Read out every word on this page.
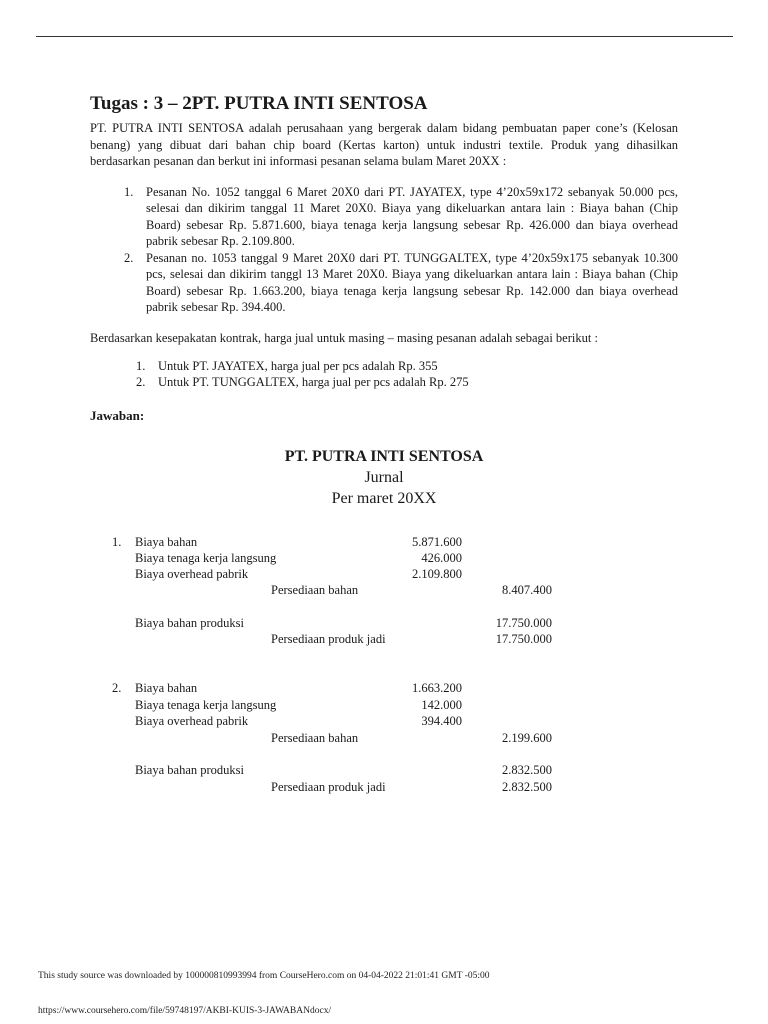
Tugas : 3 – 2PT. PUTRA INTI SENTOSA

PT. PUTRA INTI SENTOSA adalah perusahaan yang bergerak dalam bidang pembuatan paper cone’s (Kelosan benang) yang dibuat dari bahan chip board (Kertas karton) untuk industri textile. Produk yang dihasilkan berdasarkan pesanan dan berkut ini informasi pesanan selama bulam Maret 20XX :

1. Pesanan No. 1052 tanggal 6 Maret 20X0 dari PT. JAYATEX, type 4’20x59x172 sebanyak 50.000 pcs, selesai dan dikirim tanggal 11 Maret 20X0. Biaya yang dikeluarkan antara lain : Biaya bahan (Chip Board) sebesar Rp. 5.871.600, biaya tenaga kerja langsung sebesar Rp. 426.000 dan biaya overhead pabrik sebesar Rp. 2.109.800.
2. Pesanan no. 1053 tanggal 9 Maret 20X0 dari PT. TUNGGALTEX, type 4’20x59x175 sebanyak 10.300 pcs, selesai dan dikirim tanggl 13 Maret 20X0. Biaya yang dikeluarkan antara lain : Biaya bahan (Chip Board) sebesar Rp. 1.663.200, biaya tenaga kerja langsung sebesar Rp. 142.000 dan biaya overhead pabrik sebesar Rp. 394.400.

Berdasarkan kesepakatan kontrak, harga jual untuk masing – masing pesanan adalah sebagai berikut :

1. Untuk PT. JAYATEX, harga jual per pcs adalah Rp. 355
2. Untuk PT. TUNGGALTEX, harga jual per pcs adalah Rp. 275
Jawaban:
PT. PUTRA INTI SENTOSA
Jurnal
Per maret 20XX
1. Biaya bahan	5.871.600
Biaya tenaga kerja langsung	426.000
Biaya overhead pabrik	2.109.800
Persediaan bahan	8.407.400
Biaya bahan produksi	17.750.000
Persediaan produk jadi	17.750.000
2. Biaya bahan	1.663.200
Biaya tenaga kerja langsung	142.000
Biaya overhead pabrik	394.400
Persediaan bahan	2.199.600
Biaya bahan produksi	2.832.500
Persediaan produk jadi	2.832.500
This study source was downloaded by 100000810993994 from CourseHero.com on 04-04-2022 21:01:41 GMT -05:00
https://www.coursehero.com/file/59748197/AKBI-KUIS-3-JAWABANdocx/
